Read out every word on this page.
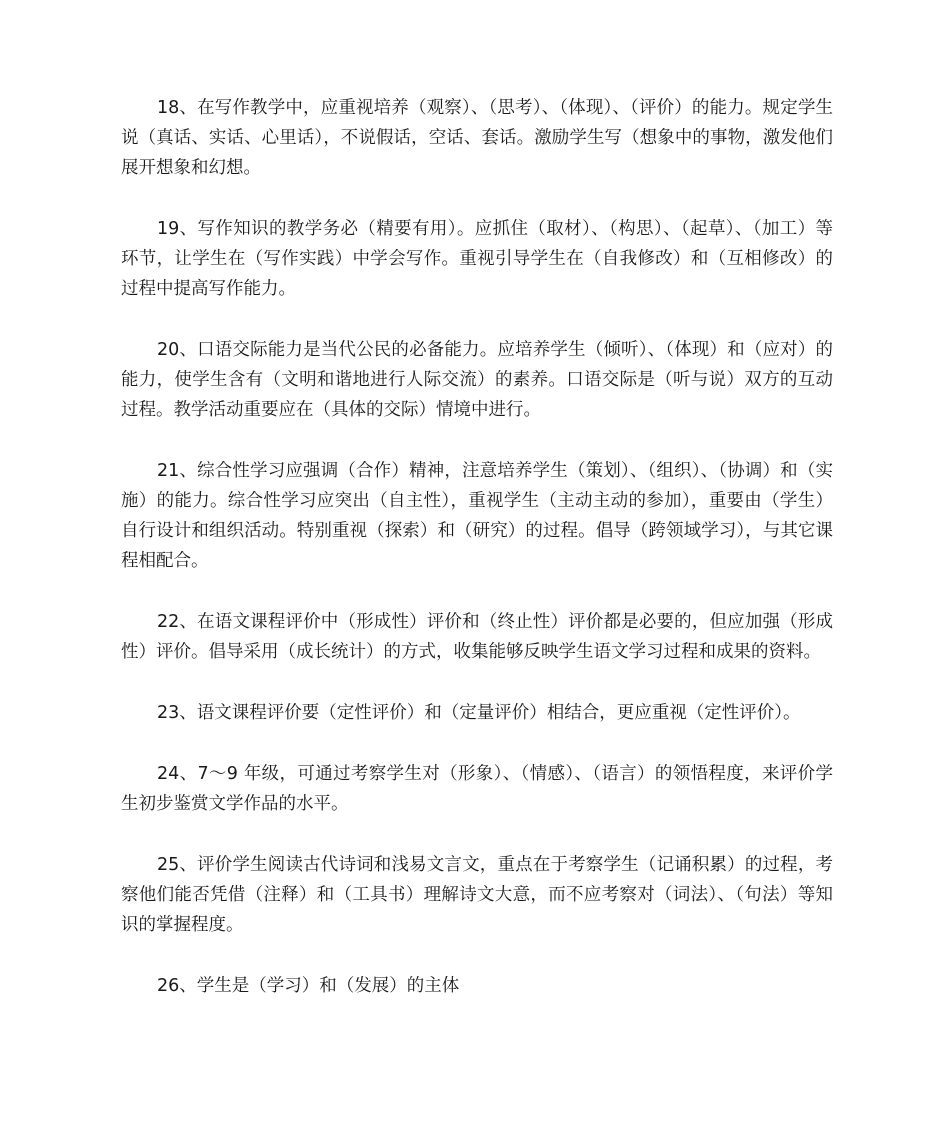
18、在写作教学中，应重视培养（观察）、（思考）、（体现）、（评价）的能力。规定学生说（真话、实话、心里话），不说假话，空话、套话。激励学生写（想象中的事物，激发他们展开想象和幻想。

19、写作知识的教学务必（精要有用）。应抓住（取材）、（构思）、（起草）、（加工）等环节，让学生在（写作实践）中学会写作。重视引导学生在（自我修改）和（互相修改）的过程中提高写作能力。

20、口语交际能力是当代公民的必备能力。应培养学生（倾听）、（体现）和（应对）的能力，使学生含有（文明和谐地进行人际交流）的素养。口语交际是（听与说）双方的互动过程。教学活动重要应在（具体的交际）情境中进行。

21、综合性学习应强调（合作）精神，注意培养学生（策划）、（组织）、（协调）和（实施）的能力。综合性学习应突出（自主性），重视学生（主动主动的参加），重要由（学生）自行设计和组织活动。特别重视（探索）和（研究）的过程。倡导（跨领域学习），与其它课程相配合。

22、在语文课程评价中（形成性）评价和（终止性）评价都是必要的，但应加强（形成性）评价。倡导采用（成长统计）的方式，收集能够反映学生语文学习过程和成果的资料。

23、语文课程评价要（定性评价）和（定量评价）相结合，更应重视（定性评价）。

24、7～9 年级，可通过考察学生对（形象）、（情感）、（语言）的领悟程度，来评价学生初步鉴赏文学作品的水平。

25、评价学生阅读古代诗词和浅易文言文，重点在于考察学生（记诵积累）的过程，考察他们能否凭借（注释）和（工具书）理解诗文大意，而不应考察对（词法）、（句法）等知识的掌握程度。

26、学生是（学习）和（发展）的主体
